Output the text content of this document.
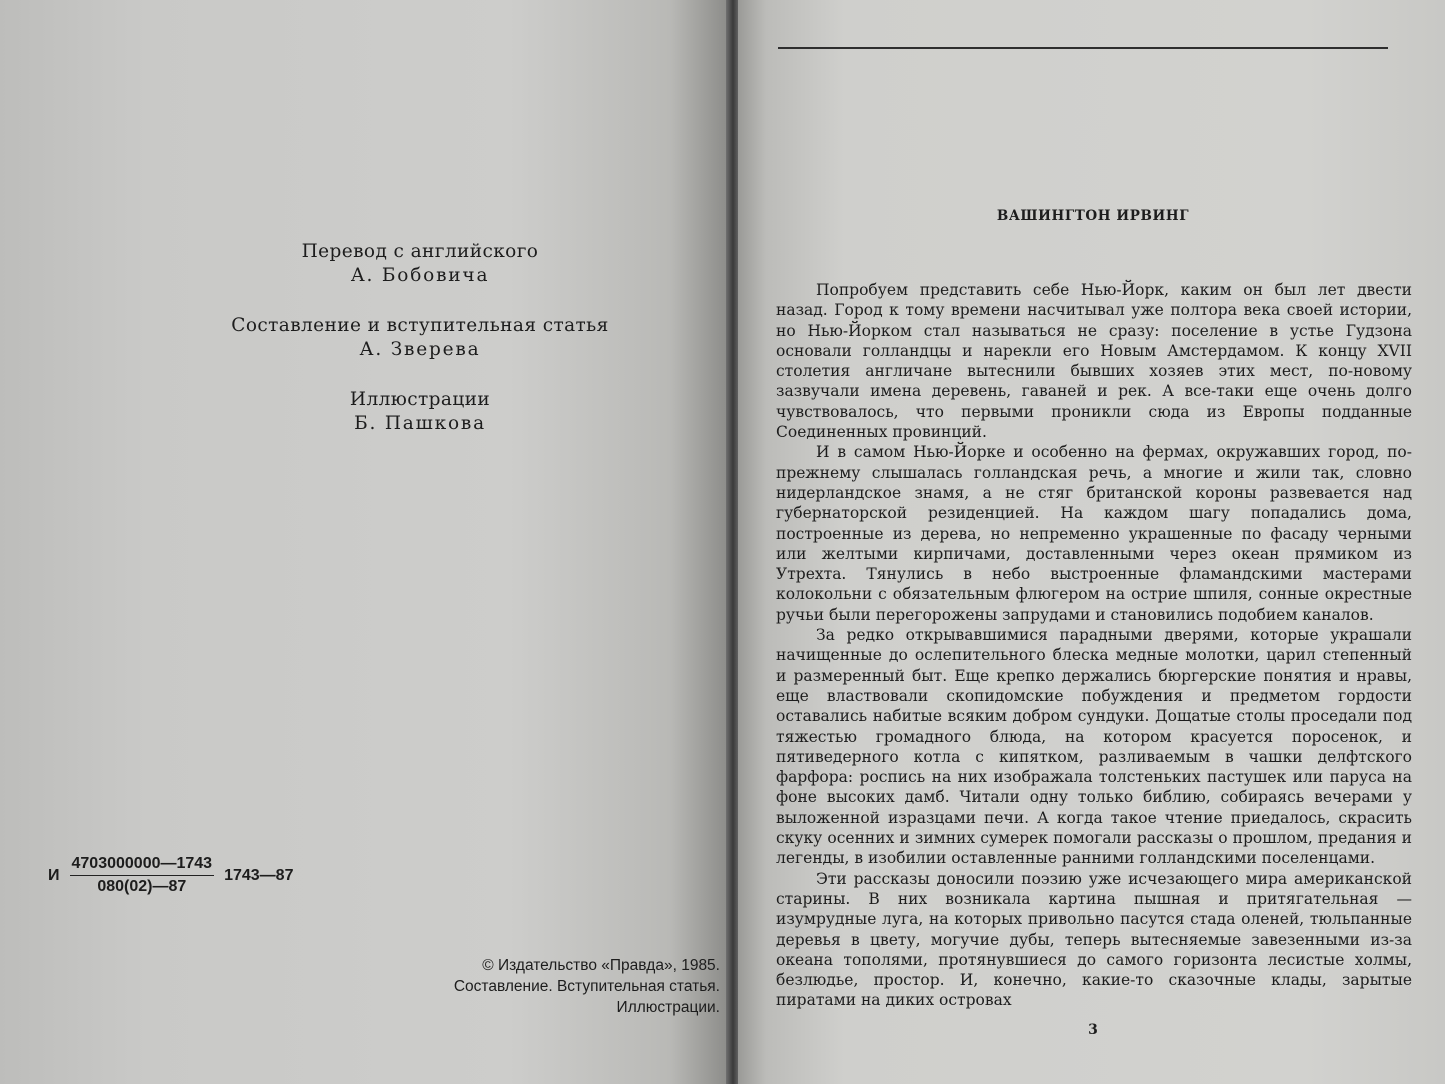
Перевод с английского
А. Бобовича
Составление и вступительная статья
А. Зверева
Иллюстрации
Б. Пашкова
И $\frac{4703000000—1743}{080(02)—87}$ 1743—87
© Издательство «Правда», 1985.
Составление. Вступительная статья.
Иллюстрации.
ВАШИНГТОН ИРВИНГ

Попробуем представить себе Нью-Йорк, каким он был лет двести назад. Город к тому времени насчитывал уже полтора века своей истории, но Нью-Йорком стал называться не сразу: поселение в устье Гудзона основали голландцы и нарекли его Новым Амстердамом. К концу XVII столетия англичане вытеснили бывших хозяев этих мест, по-новому зазвучали имена деревень, гаваней и рек. А все-таки еще очень долго чувствовалось, что первыми проникли сюда из Европы подданные Соединенных провинций.

И в самом Нью-Йорке и особенно на фермах, окружавших город, по-прежнему слышалась голландская речь, а многие и жили так, словно нидерландское знамя, а не стяг британской короны развевается над губернаторской резиденцией. На каждом шагу попадались дома, построенные из дерева, но непременно украшенные по фасаду черными или желтыми кирпичами, доставленными через океан прямиком из Утрехта. Тянулись в небо выстроенные фламандскими мастерами колокольни с обязательным флюгером на острие шпиля, сонные окрестные ручьи были перегорожены запрудами и становились подобием каналов.

За редко открывавшимися парадными дверями, которые украшали начищенные до ослепительного блеска медные молотки, царил степенный и размеренный быт. Еще крепко держались бюргерские понятия и нравы, еще властвовали скопидомские побуждения и предметом гордости оставались набитые всяким добром сундуки. Дощатые столы проседали под тяжестью громадного блюда, на котором красуется поросенок, и пятиведерного котла с кипятком, разливаемым в чашки делфтского фарфора: роспись на них изображала толстеньких пастушек или паруса на фоне высоких дамб. Читали одну только библию, собираясь вечерами у выложенной изразцами печи. А когда такое чтение приедалось, скрасить скуку осенних и зимних сумерек помогали рассказы о прошлом, предания и легенды, в изобилии оставленные ранними голландскими поселенцами.

Эти рассказы доносили поэзию уже исчезающего мира американской старины. В них возникала картина пышная и притягательная — изумрудные луга, на которых привольно пасутся стада оленей, тюльпанные деревья в цвету, могучие дубы, теперь вытесняемые завезенными из-за океана тополями, протянувшиеся до самого горизонта лесистые холмы, безлюдье, простор. И, конечно, какие-то сказочные клады, зарытые пиратами на диких островах

3
